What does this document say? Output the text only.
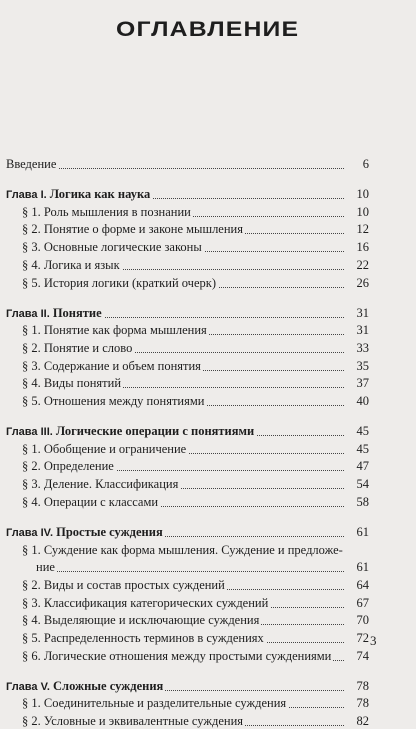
ОГЛАВЛЕНИЕ
Введение	6
Глава I. Логика как наука	10
§ 1. Роль мышления в познании	10
§ 2. Понятие о форме и законе мышления	12
§ 3. Основные логические законы	16
§ 4. Логика и язык	22
§ 5. История логики (краткий очерк)	26
Глава II. Понятие	31
§ 1. Понятие как форма мышления	31
§ 2. Понятие и слово	33
§ 3. Содержание и объем понятия	35
§ 4. Виды понятий	37
§ 5. Отношения между понятиями	40
Глава III. Логические операции с понятиями	45
§ 1. Обобщение и ограничение	45
§ 2. Определение	47
§ 3. Деление. Классификация	54
§ 4. Операции с классами	58
Глава IV. Простые суждения	61
§ 1. Суждение как форма мышления. Суждение и предложе-
ние	61
§ 2. Виды и состав простых суждений	64
§ 3. Классификация категорических суждений	67
§ 4. Выделяющие и исключающие суждения	70
§ 5. Распределенность терминов в суждениях	72
§ 6. Логические отношения между простыми суждениями 74
Глава V. Сложные суждения	78
§ 1. Соединительные и разделительные суждения	78
§ 2. Условные и эквивалентные суждения	82
3
